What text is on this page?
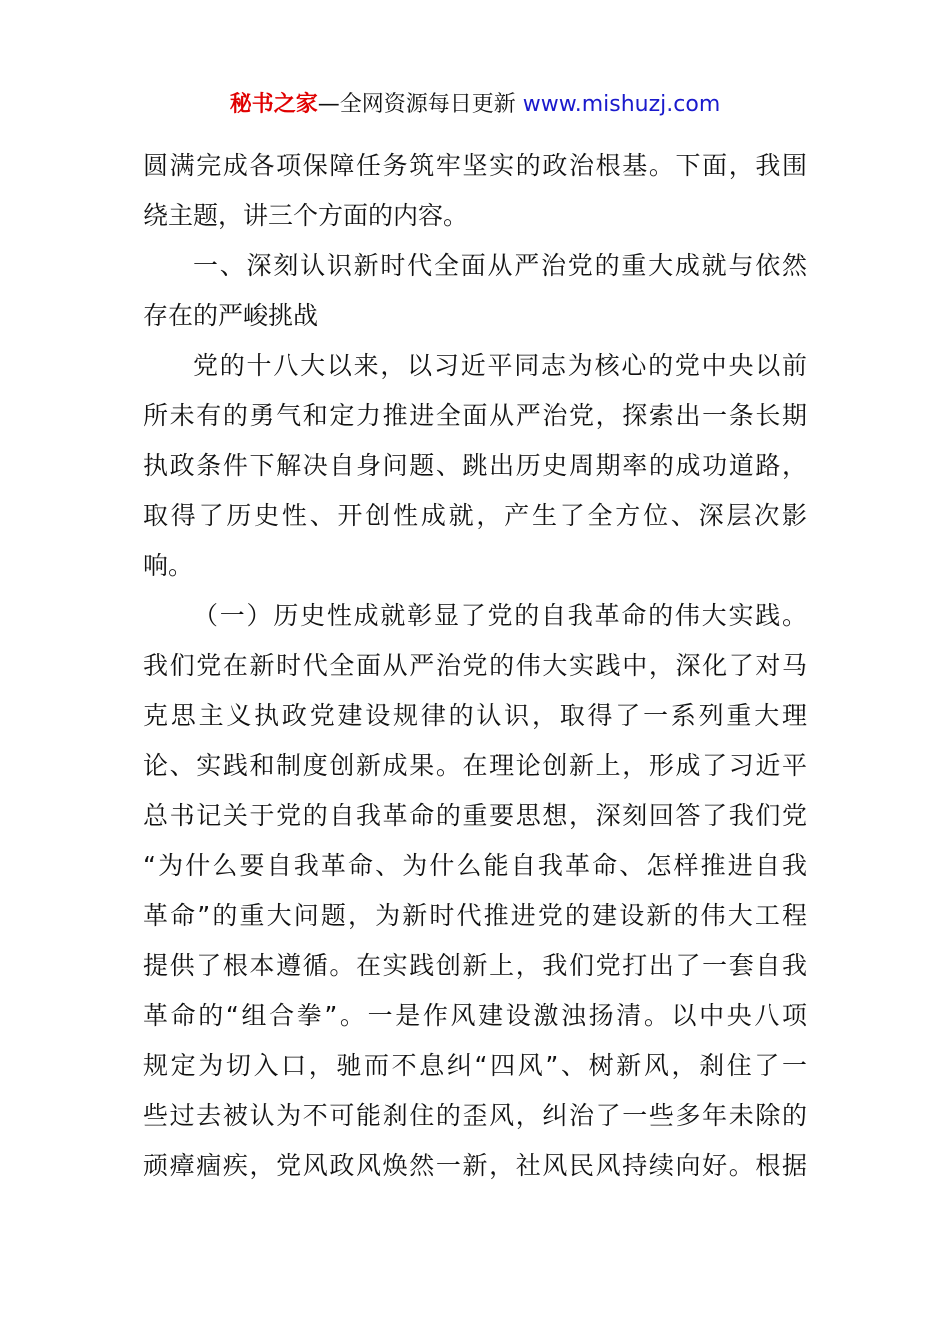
秘书之家—全网资源每日更新 www.mishuzj.com
圆满完成各项保障任务筑牢坚实的政治根基。下面，我围
绕主题，讲三个方面的内容。
一、深刻认识新时代全面从严治党的重大成就与依然
存在的严峻挑战
党的十八大以来，以习近平同志为核心的党中央以前
所未有的勇气和定力推进全面从严治党，探索出一条长期
执政条件下解决自身问题、跳出历史周期率的成功道路，
取得了历史性、开创性成就，产生了全方位、深层次影
响。
（一）历史性成就彰显了党的自我革命的伟大实践。
我们党在新时代全面从严治党的伟大实践中，深化了对马
克思主义执政党建设规律的认识，取得了一系列重大理
论、实践和制度创新成果。在理论创新上，形成了习近平
总书记关于党的自我革命的重要思想，深刻回答了我们党
“为什么要自我革命、为什么能自我革命、怎样推进自我
革命”的重大问题，为新时代推进党的建设新的伟大工程
提供了根本遵循。在实践创新上，我们党打出了一套自我
革命的“组合拳”。一是作风建设激浊扬清。以中央八项
规定为切入口，驰而不息纠“四风”、树新风，刹住了一
些过去被认为不可能刹住的歪风，纠治了一些多年未除的
顽瘴痼疾，党风政风焕然一新，社风民风持续向好。根据
